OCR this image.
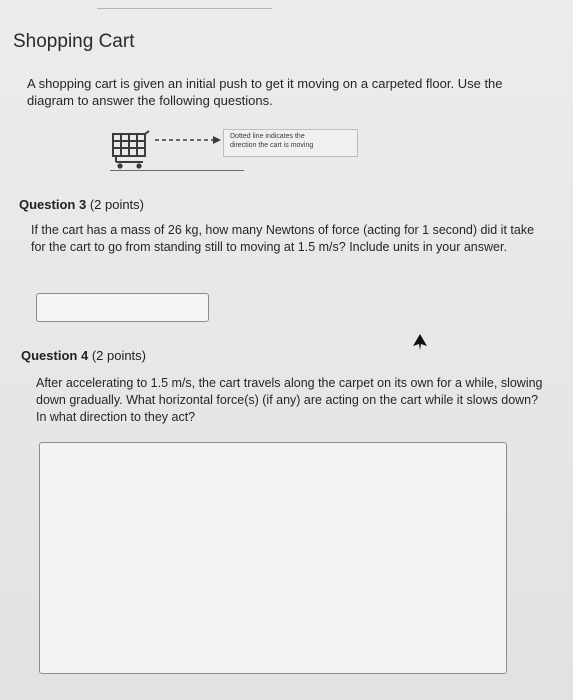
Shopping Cart
A shopping cart is given an initial push to get it moving on a carpeted floor. Use the diagram to answer the following questions.
Dotted line indicates the
direction the cart is moving
Question 3 (2 points)
If the cart has a mass of 26 kg, how many Newtons of force (acting for 1 second) did it take for the cart to go from standing still to moving at 1.5 m/s? Include units in your answer.
Question 4 (2 points)
After accelerating to 1.5 m/s, the cart travels along the carpet on its own for a while, slowing down gradually. What horizontal force(s) (if any) are acting on the cart while it slows down? In what direction to they act?
